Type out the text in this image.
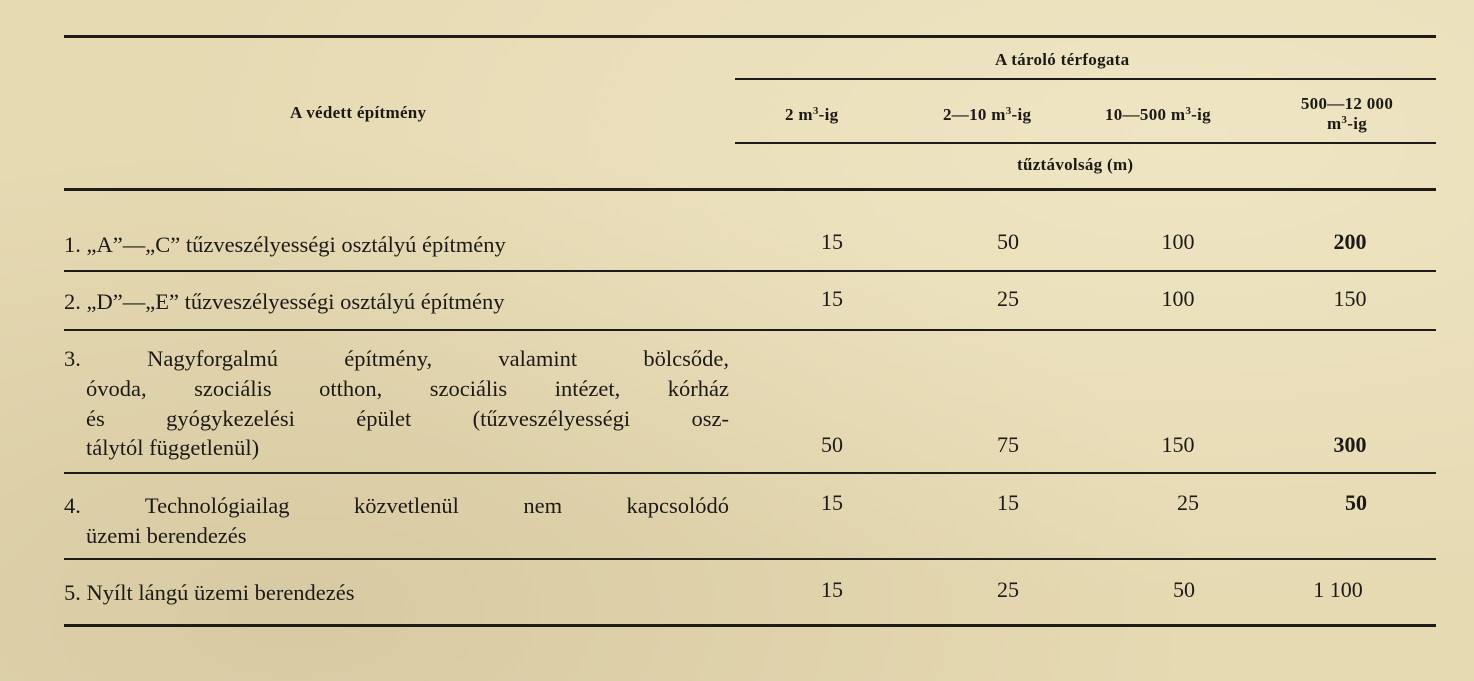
A védett építmény
A tároló térfogata
2 $m^3-ig$	2—10 $m^3-ig$	10—500 $m^3-ig$
500—12 000
$m^3-ig$
tűztávolság (m)
1. „A”—„C” tűzveszélyességi osztályú építmény	15	50	100	200
2. „D”—„E” tűzveszélyességi osztályú építmény	15	25	100	150
3. Nagyforgalmú építmény, valamint bölcsőde,
óvoda, szociális otthon, szociális intézet, kórház
és gyógykezelési épület (tűzveszélyességi osz-
tálytól függetlenül)	50	75	150	300
4. Technológiailag közvetlenül nem kapcsolódó
üzemi berendezés
15	15	25	50
5. Nyílt lángú üzemi berendezés	15	25	50	1 100
